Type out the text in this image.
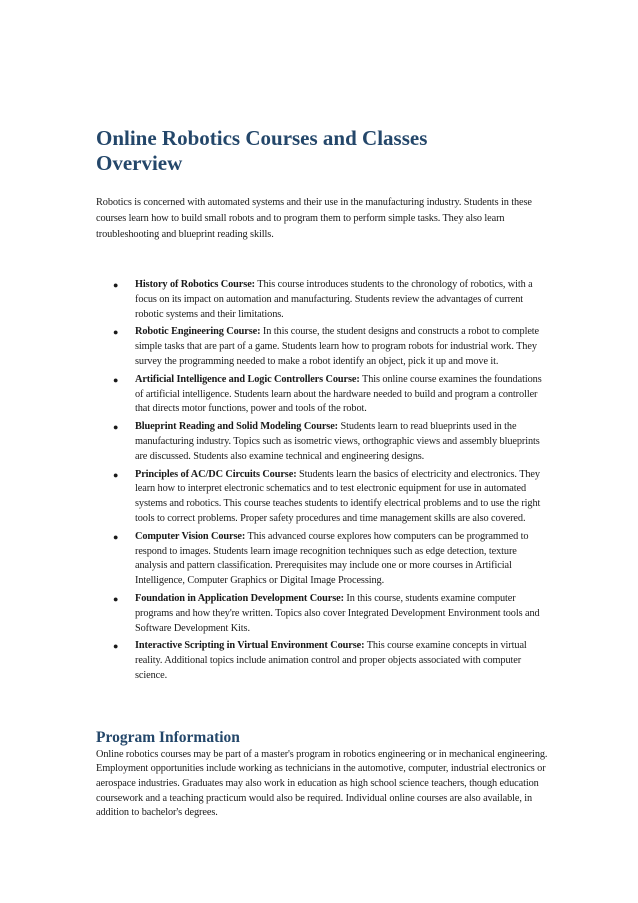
Online Robotics Courses and Classes
Overview

Robotics is concerned with automated systems and their use in the manufacturing industry. Students in these courses learn how to build small robots and to program them to perform simple tasks. They also learn troubleshooting and blueprint reading skills.

● History of Robotics Course: This course introduces students to the chronology of robotics, with a focus on its impact on automation and manufacturing. Students review the advantages of current robotic systems and their limitations.
● Robotic Engineering Course: In this course, the student designs and constructs a robot to complete simple tasks that are part of a game. Students learn how to program robots for industrial work. They survey the programming needed to make a robot identify an object, pick it up and move it.
● Artificial Intelligence and Logic Controllers Course: This online course examines the foundations of artificial intelligence. Students learn about the hardware needed to build and program a controller that directs motor functions, power and tools of the robot.
● Blueprint Reading and Solid Modeling Course: Students learn to read blueprints used in the manufacturing industry. Topics such as isometric views, orthographic views and assembly blueprints are discussed. Students also examine technical and engineering designs.
● Principles of AC/DC Circuits Course: Students learn the basics of electricity and electronics. They learn how to interpret electronic schematics and to test electronic equipment for use in automated systems and robotics. This course teaches students to identify electrical problems and to use the right tools to correct problems. Proper safety procedures and time management skills are also covered.
● Computer Vision Course: This advanced course explores how computers can be programmed to respond to images. Students learn image recognition techniques such as edge detection, texture analysis and pattern classification. Prerequisites may include one or more courses in Artificial Intelligence, Computer Graphics or Digital Image Processing.
● Foundation in Application Development Course: In this course, students examine computer programs and how they're written. Topics also cover Integrated Development Environment tools and Software Development Kits.
● Interactive Scripting in Virtual Environment Course: This course examine concepts in virtual reality. Additional topics include animation control and proper objects associated with computer science.
Program Information

Online robotics courses may be part of a master's program in robotics engineering or in mechanical engineering. Employment opportunities include working as technicians in the automotive, computer, industrial electronics or aerospace industries. Graduates may also work in education as high school science teachers, though education coursework and a teaching practicum would also be required. Individual online courses are also available, in addition to bachelor's degrees.
